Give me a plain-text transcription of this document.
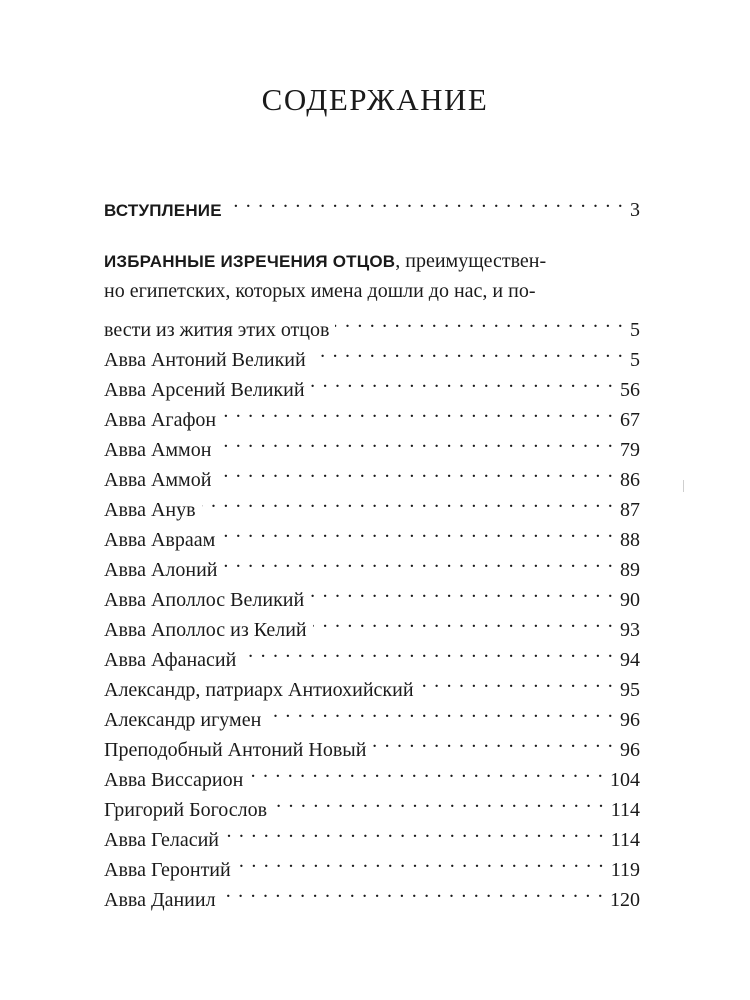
СОДЕРЖАНИЕ
ВСТУПЛЕНИЕ . . .	3
ИЗБРАННЫЕ ИЗРЕЧЕНИЯ ОТЦОВ, преимуществен-
но египетских, которых имена дошли до нас, и по-
вести из жития этих отцов . . .	5
Авва Антоний Великий . . .	5
Авва Арсений Великий . . .	56
Авва Агафон . . .	67
Авва Аммон . . .	79
Авва Аммой . . .	86
Авва Анув . . .	87
Авва Авраам . . .	88
Авва Алоний . . .	89
Авва Аполлос Великий . . .	90
Авва Аполлос из Келий . . .	93
Авва Афанасий . . .	94
Александр, патриарх Антиохийский . . .	95
Александр игумен . . .	96
Преподобный Антоний Новый . . .	96
Авва Виссарион . . .	104
Григорий Богослов . . .	114
Авва Геласий . . .	114
Авва Геронтий . . .	119
Авва Даниил . . .	120
